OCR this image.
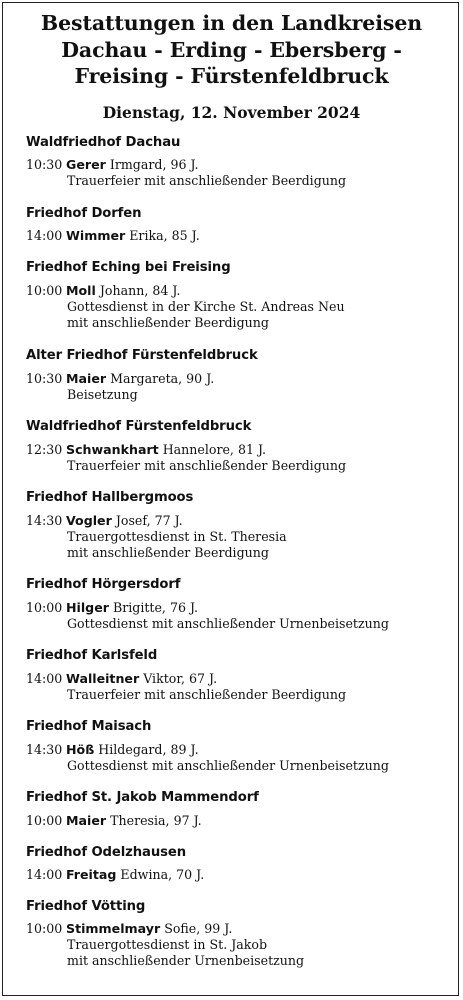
Bestattungen in den Landkreisen
Dachau - Erding - Ebersberg -
Freising - Fürstenfeldbruck
Dienstag, 12. November 2024
Waldfriedhof Dachau
10:30 Gerer Irmgard, 96 J.
Trauerfeier mit anschließender Beerdigung
Friedhof Dorfen
14:00 Wimmer Erika, 85 J.
Friedhof Eching bei Freising
10:00 Moll Johann, 84 J.
Gottesdienst in der Kirche St. Andreas Neu
mit anschließender Beerdigung
Alter Friedhof Fürstenfeldbruck
10:30 Maier Margareta, 90 J.
Beisetzung
Waldfriedhof Fürstenfeldbruck
12:30 Schwankhart Hannelore, 81 J.
Trauerfeier mit anschließender Beerdigung
Friedhof Hallbergmoos
14:30 Vogler Josef, 77 J.
Trauergottesdienst in St. Theresia
mit anschließender Beerdigung
Friedhof Hörgersdorf
10:00 Hilger Brigitte, 76 J.
Gottesdienst mit anschließender Urnenbeisetzung
Friedhof Karlsfeld
14:00 Walleitner Viktor, 67 J.
Trauerfeier mit anschließender Beerdigung
Friedhof Maisach
14:30 Höß Hildegard, 89 J.
Gottesdienst mit anschließender Urnenbeisetzung
Friedhof St. Jakob Mammendorf
10:00 Maier Theresia, 97 J.
Friedhof Odelzhausen
14:00 Freitag Edwina, 70 J.
Friedhof Vötting
10:00 Stimmelmayr Sofie, 99 J.
Trauergottesdienst in St. Jakob
mit anschließender Urnenbeisetzung
